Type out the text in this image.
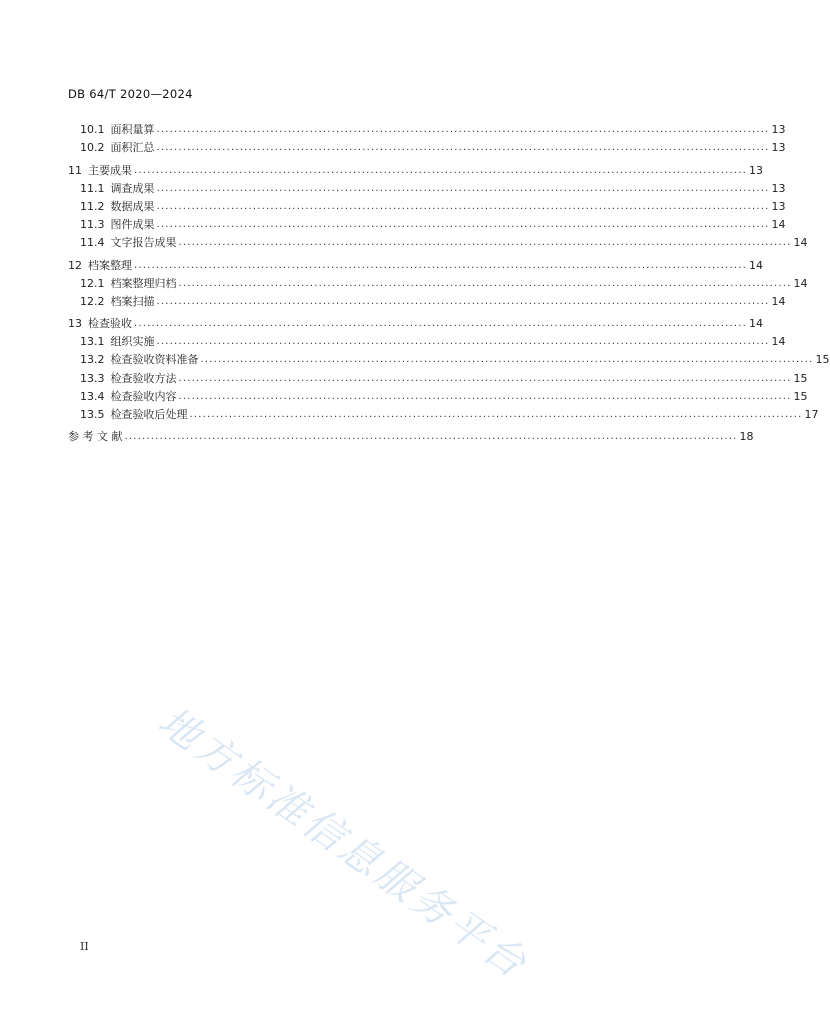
DB 64/T 2020—2024
10.1 面积量算 ............................................................................................................................................ 13
10.2 面积汇总 ............................................................................................................................................ 13
11 主要成果 ............................................................................................................................................ 13
11.1 调查成果 ............................................................................................................................................ 13
11.2 数据成果 ............................................................................................................................................ 13
11.3 图件成果 ............................................................................................................................................ 14
11.4 文字报告成果 ............................................................................................................................................ 14
12 档案整理 ............................................................................................................................................ 14
12.1 档案整理归档 ............................................................................................................................................ 14
12.2 档案扫描 ............................................................................................................................................ 14
13 检查验收 ............................................................................................................................................ 14
13.1 组织实施 ............................................................................................................................................ 14
13.2 检查验收资料准备 ............................................................................................................................................ 15
13.3 检查验收方法 ............................................................................................................................................ 15
13.4 检查验收内容 ............................................................................................................................................ 15
13.5 检查验收后处理 ............................................................................................................................................ 17
参 考 文 献 ............................................................................................................................................ 18
地方标准信息服务平台
II
